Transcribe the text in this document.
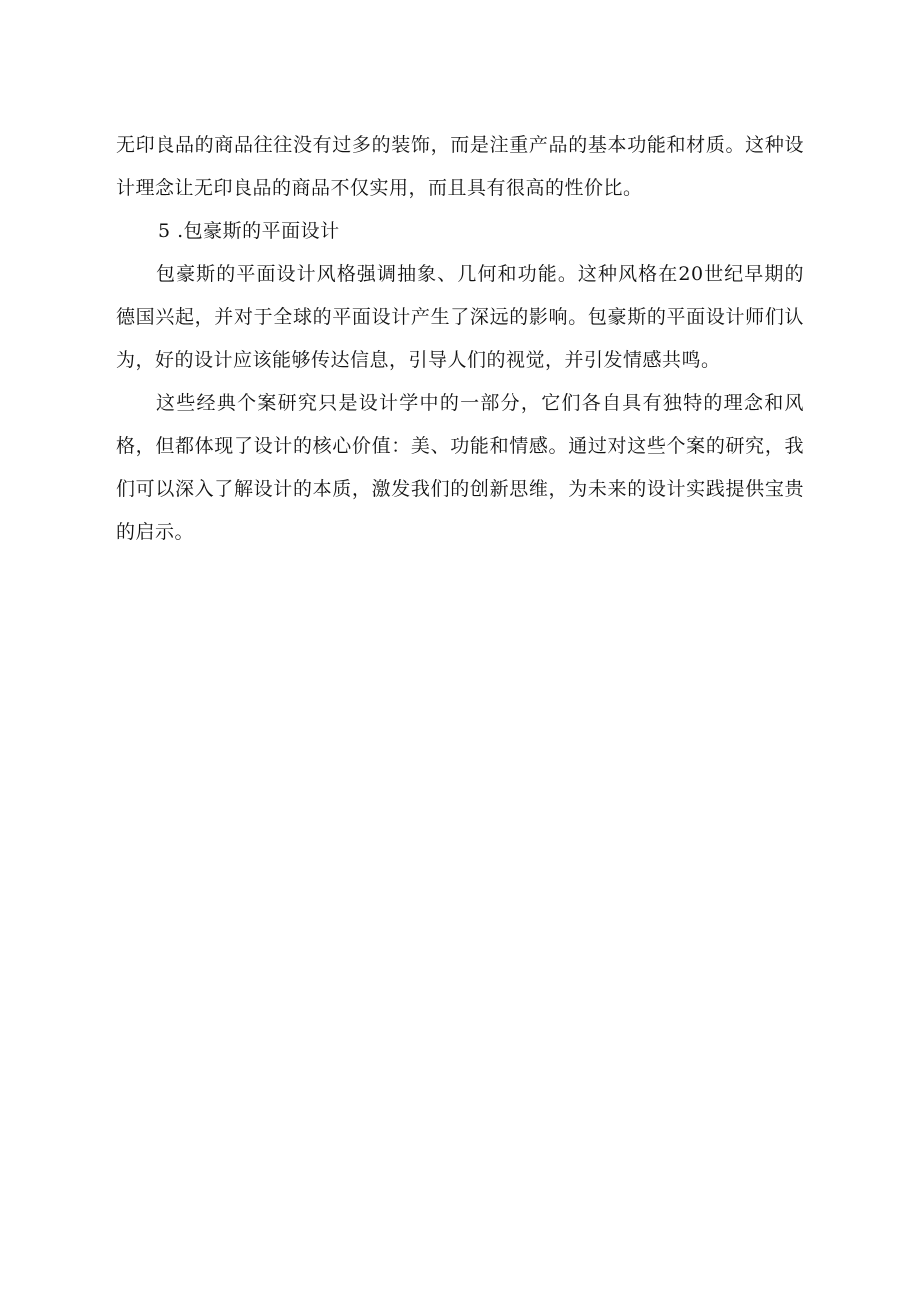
无印良品的商品往往没有过多的装饰，而是注重产品的基本功能和材质。这种设计理念让无印良品的商品不仅实用，而且具有很高的性价比。

5 .包豪斯的平面设计

包豪斯的平面设计风格强调抽象、几何和功能。这种风格在20世纪早期的德国兴起，并对于全球的平面设计产生了深远的影响。包豪斯的平面设计师们认为，好的设计应该能够传达信息，引导人们的视觉，并引发情感共鸣。

这些经典个案研究只是设计学中的一部分，它们各自具有独特的理念和风格，但都体现了设计的核心价值：美、功能和情感。通过对这些个案的研究，我们可以深入了解设计的本质，激发我们的创新思维，为未来的设计实践提供宝贵的启示。
